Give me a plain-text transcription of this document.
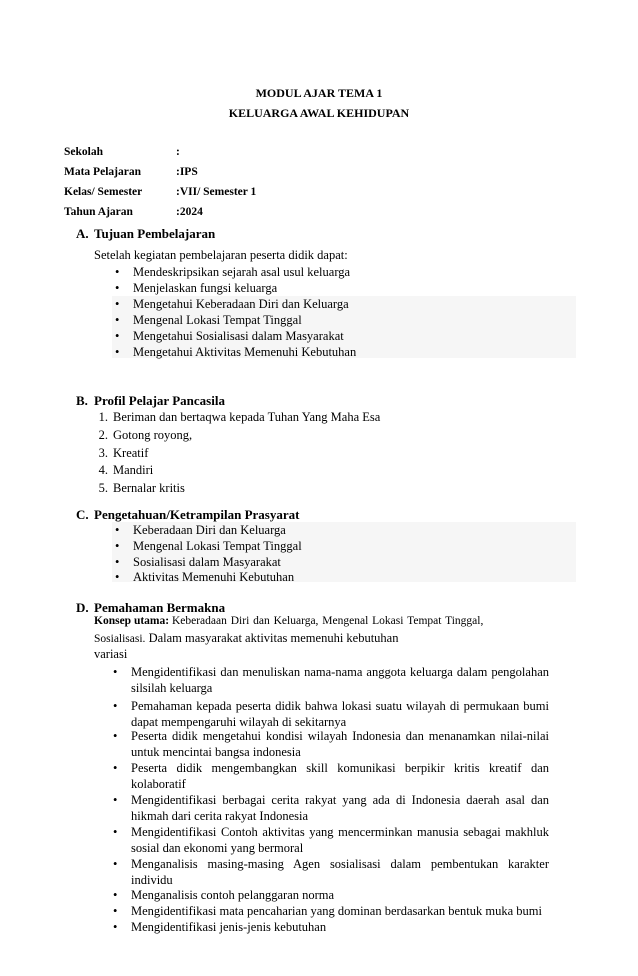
MODUL AJAR TEMA 1
KELUARGA AWAL KEHIDUPAN
Sekolah	:
Mata Pelajaran	:IPS
Kelas/ Semester	:VII/ Semester 1
Tahun Ajaran	:2024
A. Tujuan Pembelajaran
Setelah kegiatan pembelajaran peserta didik dapat:
• Mendeskripsikan sejarah asal usul keluarga
• Menjelaskan fungsi keluarga
• Mengetahui Keberadaan Diri dan Keluarga
• Mengenal Lokasi Tempat Tinggal
• Mengetahui Sosialisasi dalam Masyarakat
• Mengetahui Aktivitas Memenuhi Kebutuhan
B. Profil Pelajar Pancasila
1. Beriman dan bertaqwa kepada Tuhan Yang Maha Esa
2. Gotong royong,
3. Kreatif
4. Mandiri
5. Bernalar kritis
C. Pengetahuan/Ketrampilan Prasyarat
• Keberadaan Diri dan Keluarga
• Mengenal Lokasi Tempat Tinggal
• Sosialisasi dalam Masyarakat
• Aktivitas Memenuhi Kebutuhan
D. Pemahaman Bermakna
Konsep utama: Keberadaan Diri dan Keluarga, Mengenal Lokasi Tempat Tinggal,
Sosialisasi. Dalam masyarakat aktivitas memenuhi kebutuhan
variasi
• Mengidentifikasi dan menuliskan nama-nama anggota keluarga dalam pengolahan silsilah keluarga
• Pemahaman kepada peserta didik bahwa lokasi suatu wilayah di permukaan bumi dapat mempengaruhi wilayah di sekitarnya
• Peserta didik mengetahui kondisi wilayah Indonesia dan menanamkan nilai-nilai untuk mencintai bangsa indonesia
• Peserta didik mengembangkan skill komunikasi berpikir kritis kreatif dan kolaboratif
• Mengidentifikasi berbagai cerita rakyat yang ada di Indonesia daerah asal dan hikmah dari cerita rakyat Indonesia
• Mengidentifikasi Contoh aktivitas yang mencerminkan manusia sebagai makhluk sosial dan ekonomi yang bermoral
• Menganalisis masing-masing Agen sosialisasi dalam pembentukan karakter individu
• Menganalisis contoh pelanggaran norma
• Mengidentifikasi mata pencaharian yang dominan berdasarkan bentuk muka bumi
• Mengidentifikasi jenis-jenis kebutuhan
